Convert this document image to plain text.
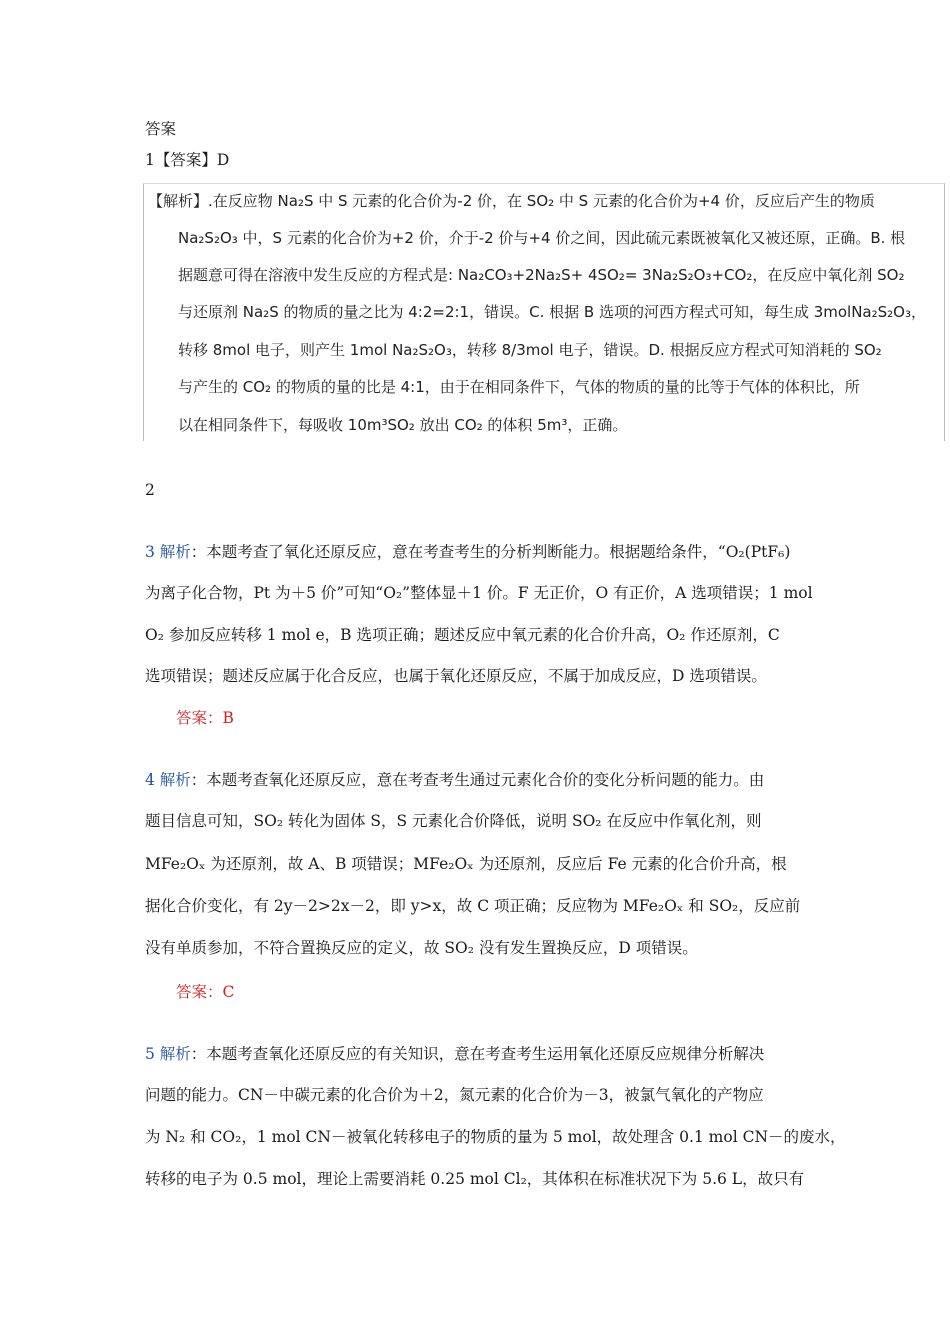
答案
1【答案】D
【解析】.在反应物 Na₂S 中 S 元素的化合价为-2 价，在 SO₂ 中 S 元素的化合价为+4 价，反应后产生的物质
Na₂S₂O₃ 中，S 元素的化合价为+2 价，介于-2 价与+4 价之间，因此硫元素既被氧化又被还原，正确。B. 根
据题意可得在溶液中发生反应的方程式是: Na₂CO₃+2Na₂S+ 4SO₂= 3Na₂S₂O₃+CO₂，在反应中氧化剂 SO₂
与还原剂 Na₂S 的物质的量之比为 4:2=2:1，错误。C. 根据 B 选项的河西方程式可知，每生成 3molNa₂S₂O₃，
转移 8mol 电子，则产生 1mol Na₂S₂O₃，转移 8/3mol 电子，错误。D. 根据反应方程式可知消耗的 SO₂
与产生的 CO₂ 的物质的量的比是 4:1，由于在相同条件下，气体的物质的量的比等于气体的体积比，所
以在相同条件下，每吸收 10m³SO₂ 放出 CO₂ 的体积 5m³，正确。
2
3 解析：本题考查了氧化还原反应，意在考查考生的分析判断能力。根据题给条件，“O₂(PtF₆)
为离子化合物，Pt 为＋5 价”可知“O₂”整体显＋1 价。F 无正价，O 有正价，A 选项错误；1 mol
O₂ 参加反应转移 1 mol e，B 选项正确；题述反应中氧元素的化合价升高，O₂ 作还原剂，C
选项错误；题述反应属于化合反应，也属于氧化还原反应，不属于加成反应，D 选项错误。
答案：B
4 解析：本题考查氧化还原反应，意在考查考生通过元素化合价的变化分析问题的能力。由
题目信息可知，SO₂ 转化为固体 S，S 元素化合价降低，说明 SO₂ 在反应中作氧化剂，则
MFe₂Oₓ 为还原剂，故 A、B 项错误；MFe₂Oₓ 为还原剂，反应后 Fe 元素的化合价升高，根
据化合价变化，有 2y－2>2x－2，即 y>x，故 C 项正确；反应物为 MFe₂Oₓ 和 SO₂，反应前
没有单质参加，不符合置换反应的定义，故 SO₂ 没有发生置换反应，D 项错误。
答案：C
5 解析：本题考查氧化还原反应的有关知识，意在考查考生运用氧化还原反应规律分析解决
问题的能力。CN－中碳元素的化合价为＋2，氮元素的化合价为－3，被氯气氧化的产物应
为 N₂ 和 CO₂，1 mol CN－被氧化转移电子的物质的量为 5 mol，故处理含 0.1 mol CN－的废水，
转移的电子为 0.5 mol，理论上需要消耗 0.25 mol Cl₂，其体积在标准状况下为 5.6 L，故只有
